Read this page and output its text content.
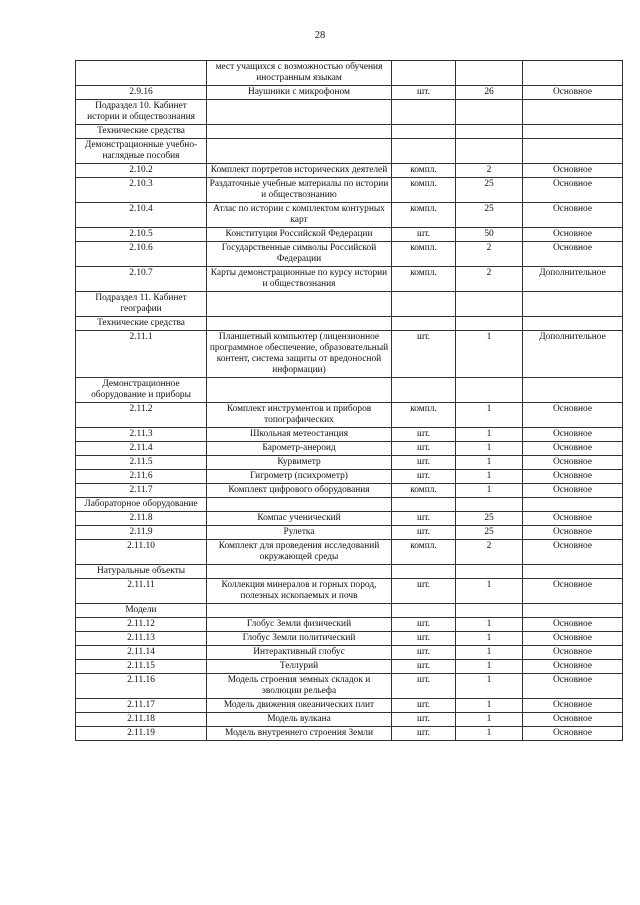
28
	мест учащихся с возможностью обучения иностранным языкам			
2.9.16	Наушники с микрофоном	шт.	26	Основное
Подраздел 10. Кабинет истории и обществознания				
Технические средства				
Демонстрационные учебно-наглядные пособия				
2.10.2	Комплект портретов исторических деятелей	компл.	2	Основное
2.10.3	Раздаточные учебные материалы по истории и обществознанию	компл.	25	Основное
2.10.4	Атлас по истории с комплектом контурных карт	компл.	25	Основное
2.10.5	Конституция Российской Федерации	шт.	50	Основное
2.10.6	Государственные символы Российской Федерации	компл.	2	Основное
2.10.7	Карты демонстрационные по курсу истории и обществознания	компл.	2	Дополнительное
Подраздел 11. Кабинет географии				
Технические средства				
2.11.1	Планшетный компьютер (лицензионное программное обеспечение, образовательный контент, система защиты от вредоносной информации)	шт.	1	Дополнительное
Демонстрационное оборудование и приборы				
2.11.2	Комплект инструментов и приборов топографических	компл.	1	Основное
2.11.3	Школьная метеостанция	шт.	1	Основное
2.11.4	Барометр-анероид	шт.	1	Основное
2.11.5	Курвиметр	шт.	1	Основное
2.11.6	Гигрометр (психрометр)	шт.	1	Основное
2.11.7	Комплект цифрового оборудования	компл.	1	Основное
Лабораторное оборудование				
2.11.8	Компас ученический	шт.	25	Основное
2.11.9	Рулетка	шт.	25	Основное
2.11.10	Комплект для проведения исследований окружающей среды	компл.	2	Основное
Натуральные объекты				
2.11.11	Коллекция минералов и горных пород, полезных ископаемых и почв	шт.	1	Основное
Модели				
2.11.12	Глобус Земли физический	шт.	1	Основное
2.11.13	Глобус Земли политический	шт.	1	Основное
2.11.14	Интерактивный глобус	шт.	1	Основное
2.11.15	Теллурий	шт.	1	Основное
2.11.16	Модель строения земных складок и эволюции рельефа	шт.	1	Основное
2.11.17	Модель движения океанических плит	шт.	1	Основное
2.11.18	Модель вулкана	шт.	1	Основное
2.11.19	Модель внутреннего строения Земли	шт.	1	Основное
